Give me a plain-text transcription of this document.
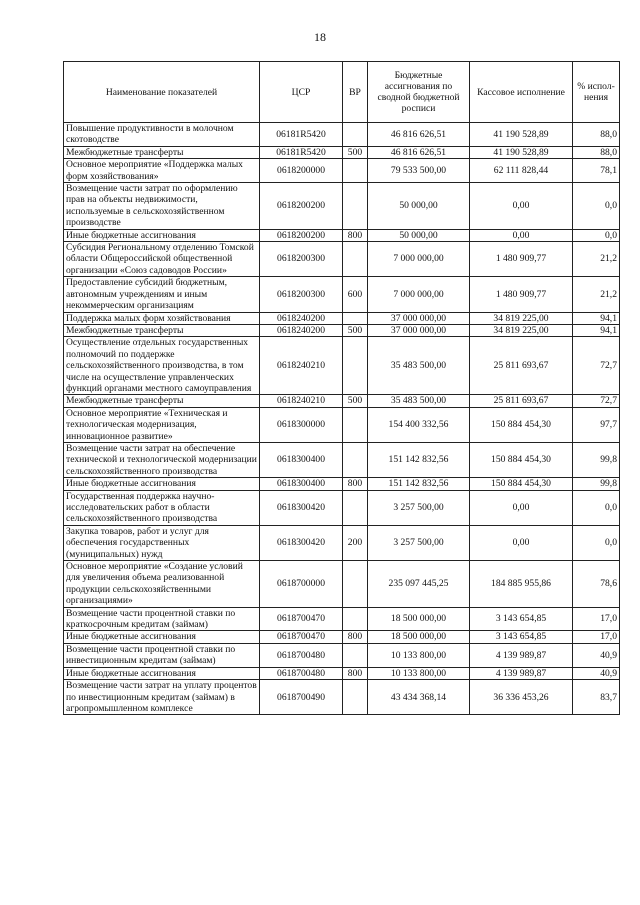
18
Наименование показателей	ЦСР	ВР	Бюджетные ассигнования по сводной бюджетной росписи	Кассовое исполнение	% испол-нения
Повышение продуктивности в молочном скотоводстве	06181R5420		46 816 626,51	41 190 528,89	88,0
Межбюджетные трансферты	06181R5420	500	46 816 626,51	41 190 528,89	88,0
Основное мероприятие «Поддержка малых форм хозяйствования»	0618200000		79 533 500,00	62 111 828,44	78,1
Возмещение части затрат по оформлению прав на объекты недвижимости, используемые в сельскохозяйственном производстве	0618200200		50 000,00	0,00	0,0
Иные бюджетные ассигнования	0618200200	800	50 000,00	0,00	0,0
Субсидия Региональному отделению Томской области Общероссийской общественной организации «Союз садоводов России»	0618200300		7 000 000,00	1 480 909,77	21,2
Предоставление субсидий бюджетным, автономным учреждениям и иным некоммерческим организациям	0618200300	600	7 000 000,00	1 480 909,77	21,2
Поддержка малых форм хозяйствования	0618240200		37 000 000,00	34 819 225,00	94,1
Межбюджетные трансферты	0618240200	500	37 000 000,00	34 819 225,00	94,1
Осуществление отдельных государственных полномочий по поддержке сельскохозяйственного производства, в том числе на осуществление управленческих функций органами местного самоуправления	0618240210		35 483 500,00	25 811 693,67	72,7
Межбюджетные трансферты	0618240210	500	35 483 500,00	25 811 693,67	72,7
Основное мероприятие «Техническая и технологическая модернизация, инновационное развитие»	0618300000		154 400 332,56	150 884 454,30	97,7
Возмещение части затрат на обеспечение технической и технологической модернизации сельскохозяйственного производства	0618300400		151 142 832,56	150 884 454,30	99,8
Иные бюджетные ассигнования	0618300400	800	151 142 832,56	150 884 454,30	99,8
Государственная поддержка научно-исследовательских работ в области сельскохозяйственного производства	0618300420		3 257 500,00	0,00	0,0
Закупка товаров, работ и услуг для обеспечения государственных (муниципальных) нужд	0618300420	200	3 257 500,00	0,00	0,0
Основное мероприятие «Создание условий для увеличения объема реализованной продукции сельскохозяйственными организациями»	0618700000		235 097 445,25	184 885 955,86	78,6
Возмещение части процентной ставки по краткосрочным кредитам (займам)	0618700470		18 500 000,00	3 143 654,85	17,0
Иные бюджетные ассигнования	0618700470	800	18 500 000,00	3 143 654,85	17,0
Возмещение части процентной ставки по инвестиционным кредитам (займам)	0618700480		10 133 800,00	4 139 989,87	40,9
Иные бюджетные ассигнования	0618700480	800	10 133 800,00	4 139 989,87	40,9
Возмещение части затрат на уплату процентов по инвестиционным кредитам (займам) в агропромышленном комплексе	0618700490		43 434 368,14	36 336 453,26	83,7
